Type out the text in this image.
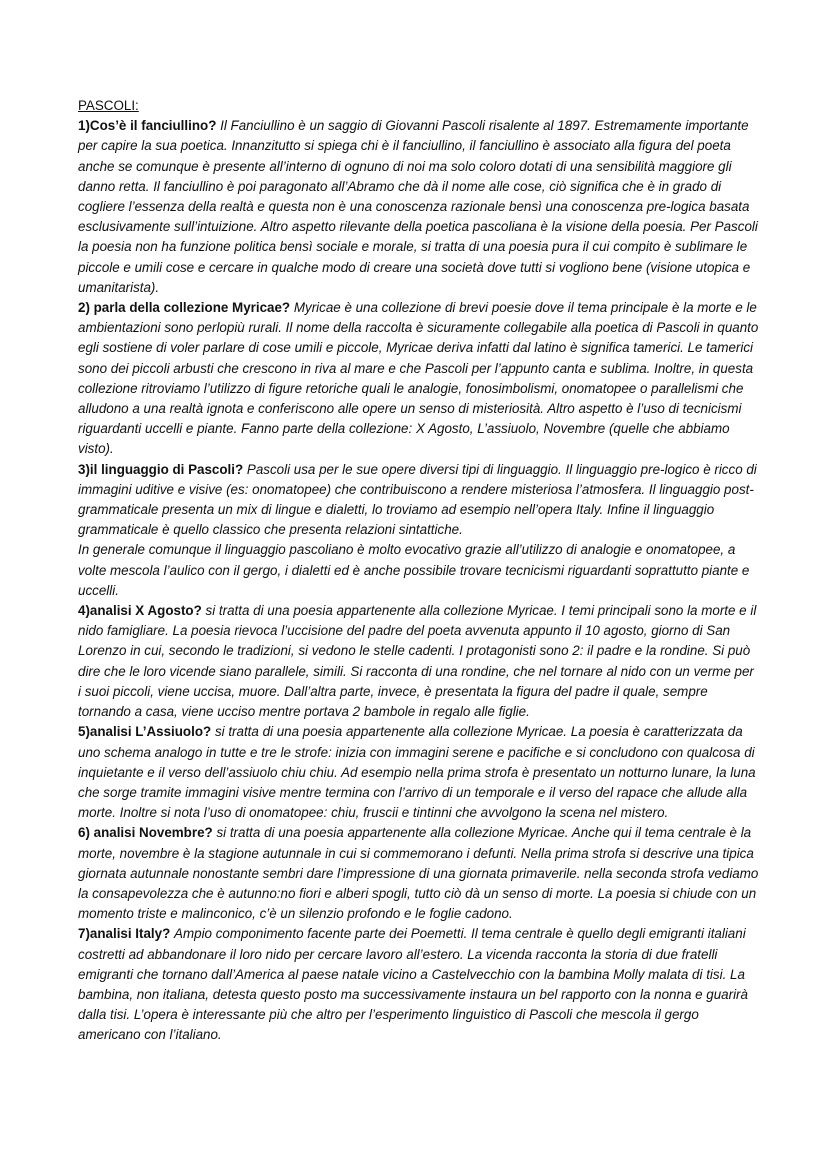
PASCOLI:

1)Cos’è il fanciullino? Il Fanciullino è un saggio di Giovanni Pascoli risalente al 1897. Estremamente importante per capire la sua poetica. Innanzitutto si spiega chi è il fanciullino, il fanciullino è associato alla figura del poeta anche se comunque è presente all’interno di ognuno di noi ma solo coloro dotati di una sensibilità maggiore gli danno retta. Il fanciullino è poi paragonato all’Abramo che dà il nome alle cose, ciò significa che è in grado di cogliere l’essenza della realtà e questa non è una conoscenza razionale bensì una conoscenza pre-logica basata esclusivamente sull’intuizione. Altro aspetto rilevante della poetica pascoliana è la visione della poesia. Per Pascoli la poesia non ha funzione politica bensì sociale e morale, si tratta di una poesia pura il cui compito è sublimare le piccole e umili cose e cercare in qualche modo di creare una società dove tutti si vogliono bene (visione utopica e umanitarista).

2) parla della collezione Myricae? Myricae è una collezione di brevi poesie dove il tema principale è la morte e le ambientazioni sono perlopiù rurali. Il nome della raccolta è sicuramente collegabile alla poetica di Pascoli in quanto egli sostiene di voler parlare di cose umili e piccole, Myricae deriva infatti dal latino è significa tamerici. Le tamerici sono dei piccoli arbusti che crescono in riva al mare e che Pascoli per l’appunto canta e sublima. Inoltre, in questa collezione ritroviamo l’utilizzo di figure retoriche quali le analogie, fonosimbolismi, onomatopee o parallelismi che alludono a una realtà ignota e conferiscono alle opere un senso di misteriosità. Altro aspetto è l’uso di tecnicismi riguardanti uccelli e piante. Fanno parte della collezione: X Agosto, L’assiuolo, Novembre (quelle che abbiamo visto).

3)il linguaggio di Pascoli? Pascoli usa per le sue opere diversi tipi di linguaggio. Il linguaggio pre-logico è ricco di immagini uditive e visive (es: onomatopee) che contribuiscono a rendere misteriosa l’atmosfera. Il linguaggio post-grammaticale presenta un mix di lingue e dialetti, lo troviamo ad esempio nell’opera Italy. Infine il linguaggio grammaticale è quello classico che presenta relazioni sintattiche.

In generale comunque il linguaggio pascoliano è molto evocativo grazie all’utilizzo di analogie e onomatopee, a volte mescola l’aulico con il gergo, i dialetti ed è anche possibile trovare tecnicismi riguardanti soprattutto piante e uccelli.

4)analisi X Agosto? si tratta di una poesia appartenente alla collezione Myricae. I temi principali sono la morte e il nido famigliare. La poesia rievoca l’uccisione del padre del poeta avvenuta appunto il 10 agosto, giorno di San Lorenzo in cui, secondo le tradizioni, si vedono le stelle cadenti. I protagonisti sono 2: il padre e la rondine. Si può dire che le loro vicende siano parallele, simili. Si racconta di una rondine, che nel tornare al nido con un verme per i suoi piccoli, viene uccisa, muore. Dall’altra parte, invece, è presentata la figura del padre il quale, sempre tornando a casa, viene ucciso mentre portava 2 bambole in regalo alle figlie.

5)analisi L’Assiuolo? si tratta di una poesia appartenente alla collezione Myricae. La poesia è caratterizzata da uno schema analogo in tutte e tre le strofe: inizia con immagini serene e pacifiche e si concludono con qualcosa di inquietante e il verso dell’assiuolo chiu chiu. Ad esempio nella prima strofa è presentato un notturno lunare, la luna che sorge tramite immagini visive mentre termina con l’arrivo di un temporale e il verso del rapace che allude alla morte. Inoltre si nota l’uso di onomatopee: chiu, fruscii e tintinni che avvolgono la scena nel mistero.

6) analisi Novembre? si tratta di una poesia appartenente alla collezione Myricae. Anche qui il tema centrale è la morte, novembre è la stagione autunnale in cui si commemorano i defunti. Nella prima strofa si descrive una tipica giornata autunnale nonostante sembri dare l’impressione di una giornata primaverile. nella seconda strofa vediamo la consapevolezza che è autunno:no fiori e alberi spogli, tutto ciò dà un senso di morte. La poesia si chiude con un momento triste e malinconico, c’è un silenzio profondo e le foglie cadono.

7)analisi Italy? Ampio componimento facente parte dei Poemetti. Il tema centrale è quello degli emigranti italiani costretti ad abbandonare il loro nido per cercare lavoro all’estero. La vicenda racconta la storia di due fratelli emigranti che tornano dall’America al paese natale vicino a Castelvecchio con la bambina Molly malata di tisi. La bambina, non italiana, detesta questo posto ma successivamente instaura un bel rapporto con la nonna e guarirà dalla tisi. L’opera è interessante più che altro per l’esperimento linguistico di Pascoli che mescola il gergo americano con l’italiano.
